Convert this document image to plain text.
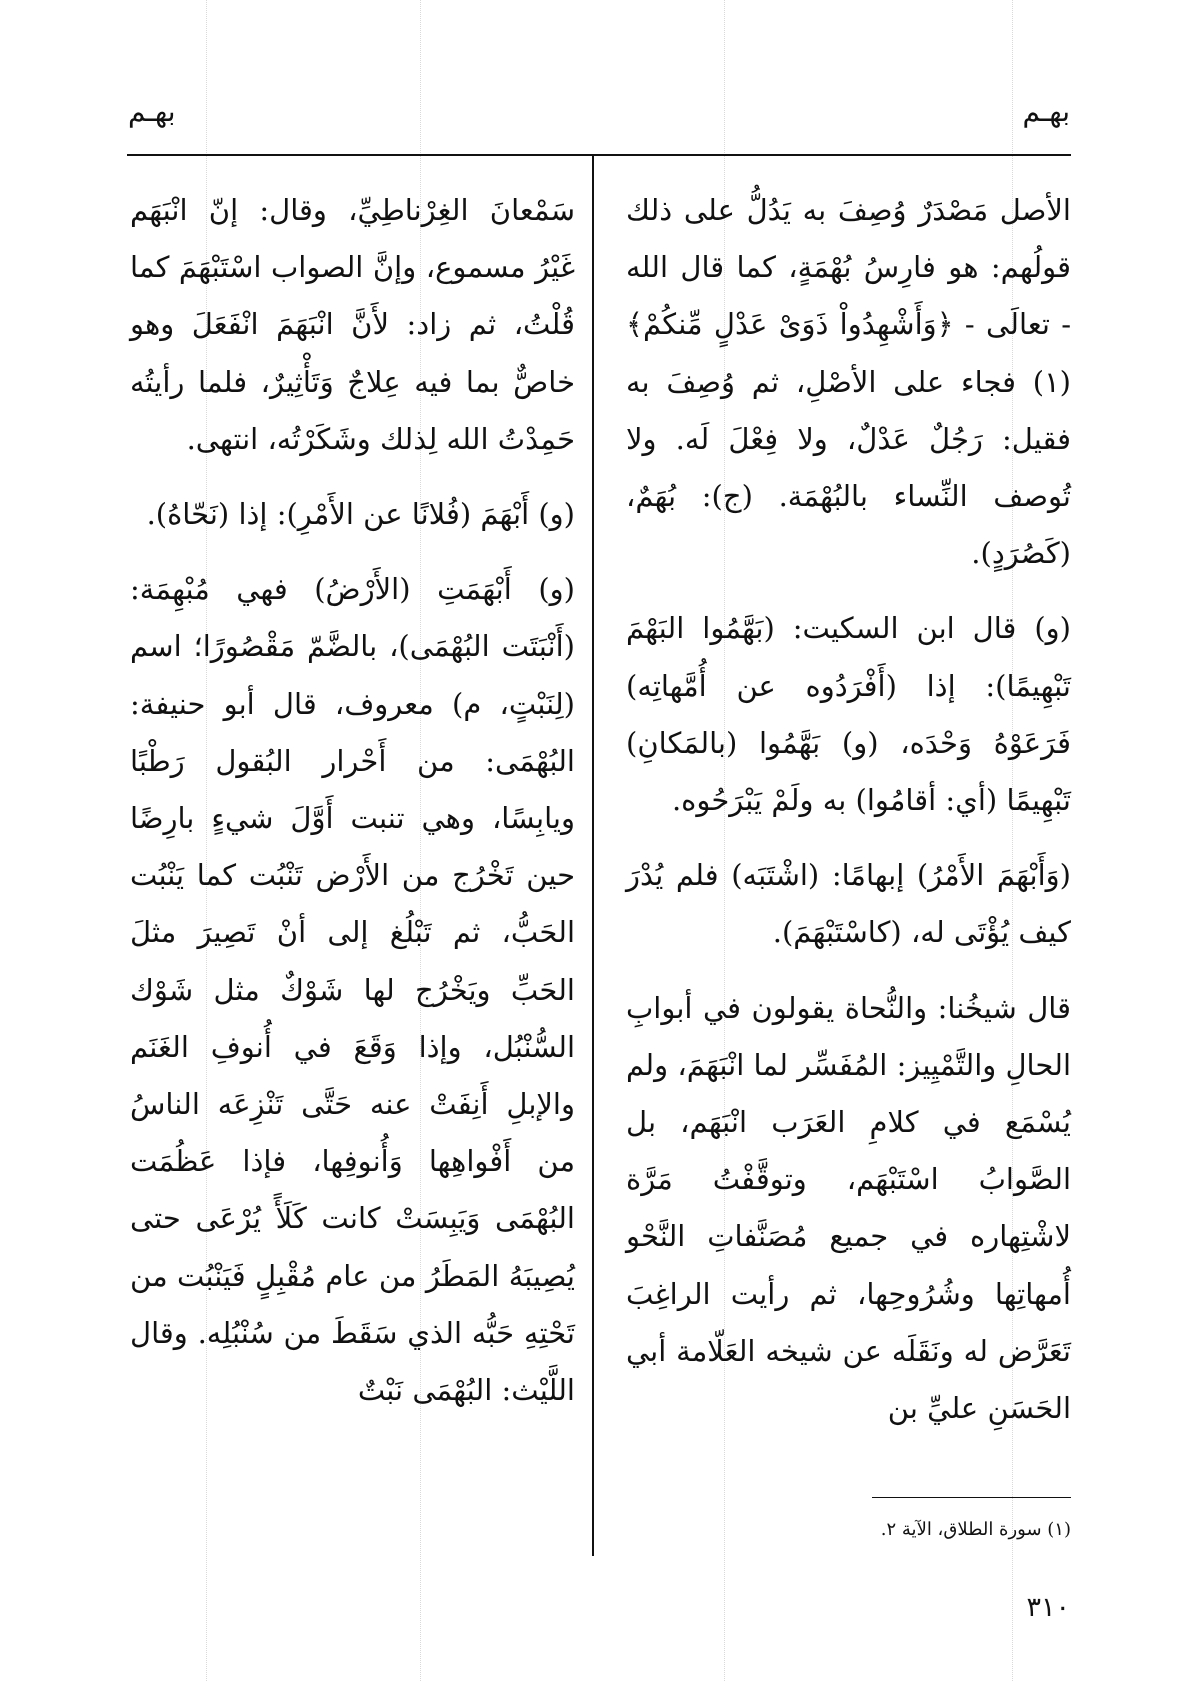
بهـم	بهـم

الأصل مَصْدَرٌ وُصِفَ به يَدُلُّ على ذلك قولُهم: هو فارِسُ بُهْمَةٍ، كما قال الله - تعالَى - ﴿وَأَشْهِدُواْ ذَوَىْ عَدْلٍ مِّنكُمْ﴾(١) فجاء على الأصْلِ، ثم وُصِفَ به فقيل: رَجُلٌ عَدْلٌ، ولا فِعْلَ لَه. ولا تُوصف النِّساء بالبُهْمَة. (ج): بُهَمٌ، (كَصُرَدٍ).

(و) قال ابن السكيت: (بَهَّمُوا البَهْمَ تَبْهِيمًا): إذا (أَفْرَدُوه عن أُمَّهاتِه) فَرَعَوْهُ وَحْدَه، (و) بَهَّمُوا (بالمَكانِ) تَبْهِيمًا (أي: أقامُوا) به ولَمْ يَبْرَحُوه.

(وَأَبْهَمَ الأَمْرُ) إبهامًا: (اشْتَبَه) فلم يُدْرَ كيف يُؤْتَى له، (كاسْتَبْهَمَ).

قال شيخُنا: والنُّحاة يقولون في أبوابِ الحالِ والتَّمْيِيز: المُفَسِّر لما انْبَهَمَ، ولم يُسْمَع في كلامِ العَرَب انْبَهَم، بل الصَّوابُ اسْتَبْهَم، وتوقَّفْتُ مَرَّة لاشْتِهاره في جميع مُصَنَّفاتِ النَّحْو أُمهاتِها وشُرُوحِها، ثم رأيت الراغِبَ تَعَرَّض له ونَقَلَه عن شيخه العَلّامة أبي الحَسَنِ عليِّ بن

سَمْعانَ الغِرْناطِيِّ، وقال: إنّ انْبَهَم غَيْرُ مسموع، وإنَّ الصواب اسْتَبْهَمَ كما قُلْتُ، ثم زاد: لأَنَّ انْبَهَمَ انْفَعَلَ وهو خاصٌّ بما فيه عِلاجٌ وَتَأْثِيرٌ، فلما رأيتُه حَمِدْتُ الله لِذلك وشَكَرْتُه، انتهى.

(و) أَبْهَمَ (فُلانًا عن الأَمْرِ): إذا (نَحّاهُ).

(و) أَبْهَمَتِ (الأَرْضُ) فهي مُبْهِمَة: (أَنْبَتَت البُهْمَى)، بالضَّمّ مَقْصُورًا؛ اسم (لِنَبْتٍ، م) معروف، قال أبو حنيفة: البُهْمَى: من أَحْرار البُقول رَطْبًا ويابِسًا، وهي تنبت أَوَّلَ شيءٍ بارِضًا حين تَخْرُج من الأَرْض تَنْبُت كما يَنْبُت الحَبُّ، ثم تَبْلُغ إلى أنْ تَصِيرَ مثلَ الحَبِّ ويَخْرُج لها شَوْكٌ مثل شَوْك السُّنْبُل، وإذا وَقَعَ في أُنوفِ الغَنَم والإبلِ أَنِفَتْ عنه حَتَّى تَنْزِعَه الناسُ من أَفْواهِها وَأُنوفِها، فإذا عَظُمَت البُهْمَى وَيَبِسَتْ كانت كَلَأً يُرْعَى حتى يُصِيبَهُ المَطَرُ من عام مُقْبِلٍ فَيَنْبُت من تَحْتِهِ حَبُّه الذي سَقَطَ من سُنْبُلِه. وقال اللَّيْث: البُهْمَى نَبْتٌ

(١) سورة الطلاق، الآية ٢.
٣١٠
